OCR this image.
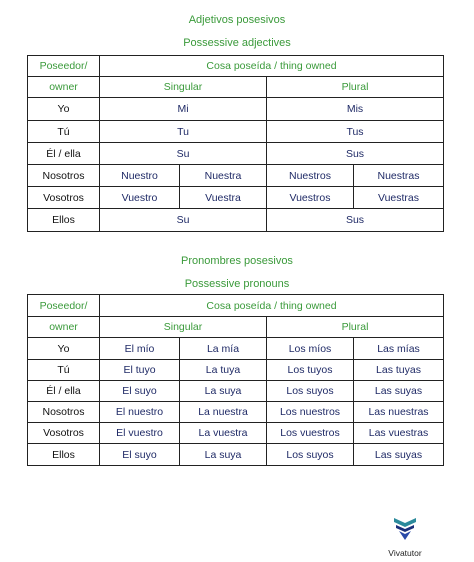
Adjetivos posesivos
Possessive adjectives
Poseedor/	Cosa poseída / thing owned			
owner	Singular		Plural	
Yo	Mi		Mis	
Tú	Tu		Tus	
Él / ella	Su		Sus	
Nosotros	Nuestro	Nuestra	Nuestros	Nuestras
Vosotros	Vuestro	Vuestra	Vuestros	Vuestras
Ellos	Su		Sus	
Pronombres posesivos
Possessive pronouns
Poseedor/	Cosa poseída / thing owned			
owner	Singular		Plural	
Yo	El mío	La mía	Los míos	Las mías
Tú	El tuyo	La tuya	Los tuyos	Las tuyas
Él / ella	El suyo	La suya	Los suyos	Las suyas
Nosotros	El nuestro	La nuestra	Los nuestros	Las nuestras
Vosotros	El vuestro	La vuestra	Los vuestros	Las vuestras
Ellos	El suyo	La suya	Los suyos	Las suyas
Vivatutor
